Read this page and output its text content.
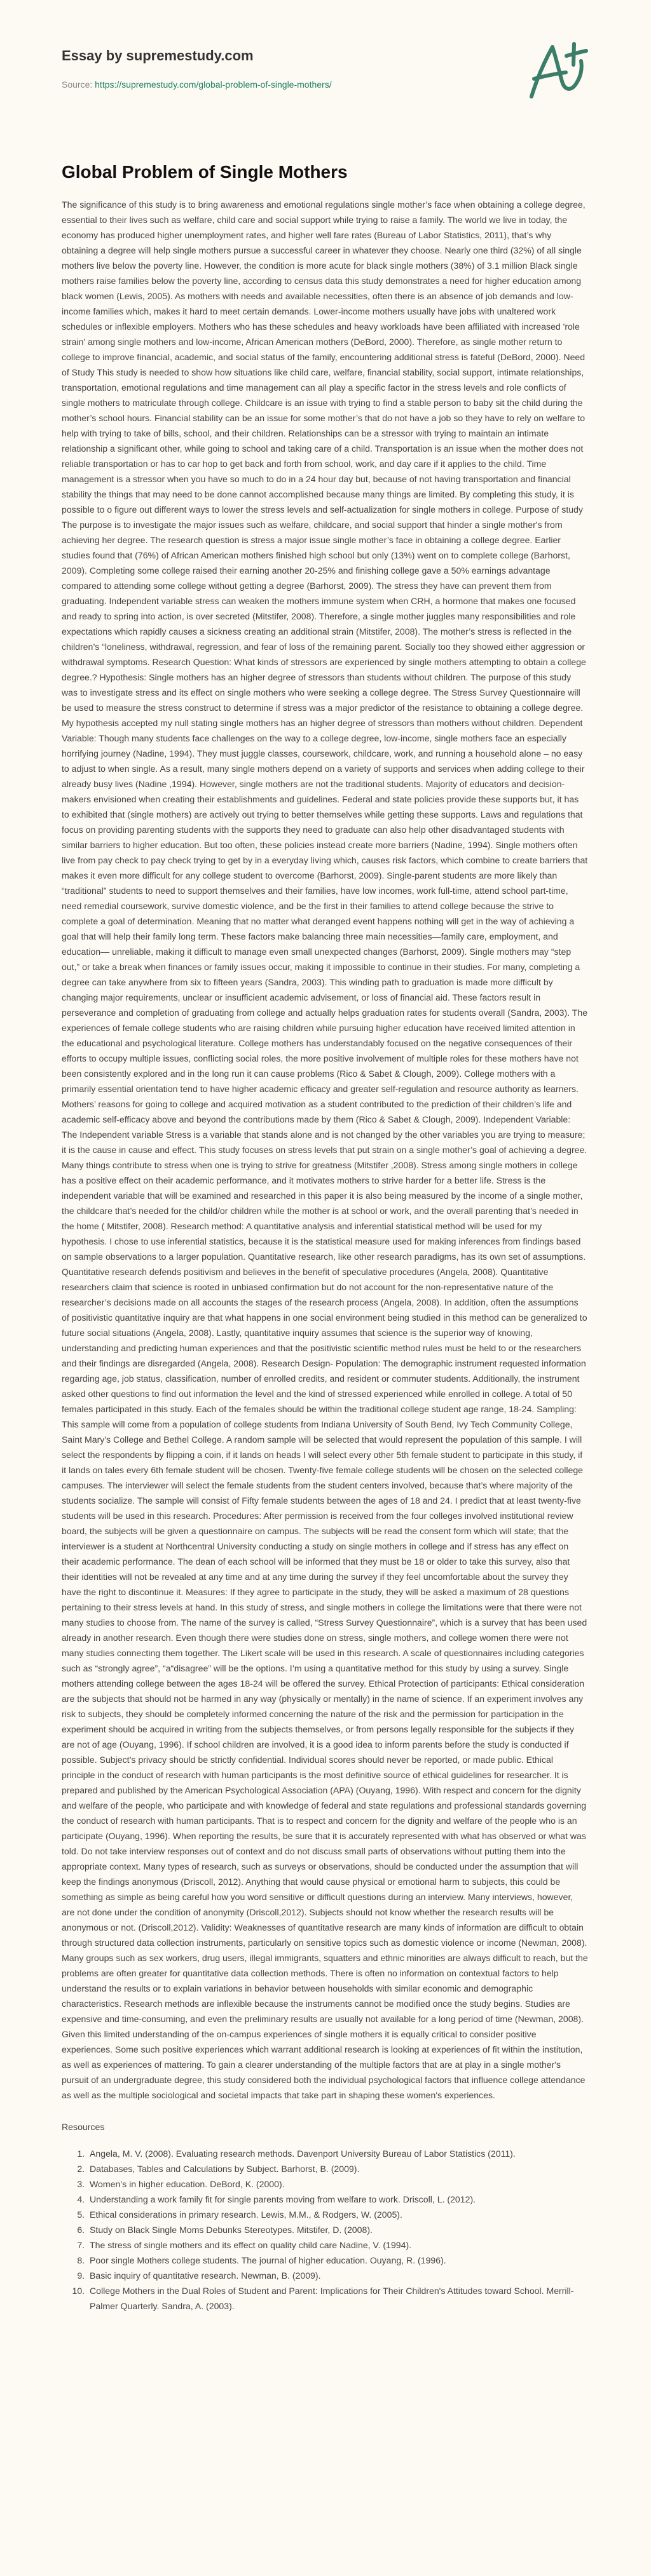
Essay by supremestudy.com
Source: https://supremestudy.com/global-problem-of-single-mothers/
Global Problem of Single Mothers

The significance of this study is to bring awareness and emotional regulations single mother’s face when obtaining a college degree, essential to their lives such as welfare, child care and social support while trying to raise a family. The world we live in today, the economy has produced higher unemployment rates, and higher well fare rates (Bureau of Labor Statistics, 2011), that’s why obtaining a degree will help single mothers pursue a successful career in whatever they choose. Nearly one third (32%) of all single mothers live below the poverty line. However, the condition is more acute for black single mothers (38%) of 3.1 million Black single mothers raise families below the poverty line, according to census data this study demonstrates a need for higher education among black women (Lewis, 2005). As mothers with needs and available necessities, often there is an absence of job demands and low-income families which, makes it hard to meet certain demands. Lower-income mothers usually have jobs with unaltered work schedules or inflexible employers. Mothers who has these schedules and heavy workloads have been affiliated with increased 'role strain' among single mothers and low-income, African American mothers (DeBord, 2000). Therefore, as single mother return to college to improve financial, academic, and social status of the family, encountering additional stress is fateful (DeBord, 2000). Need of Study This study is needed to show how situations like child care, welfare, financial stability, social support, intimate relationships, transportation, emotional regulations and time management can all play a specific factor in the stress levels and role conflicts of single mothers to matriculate through college. Childcare is an issue with trying to find a stable person to baby sit the child during the mother’s school hours. Financial stability can be an issue for some mother’s that do not have a job so they have to rely on welfare to help with trying to take of bills, school, and their children. Relationships can be a stressor with trying to maintain an intimate relationship a significant other, while going to school and taking care of a child. Transportation is an issue when the mother does not reliable transportation or has to car hop to get back and forth from school, work, and day care if it applies to the child. Time management is a stressor when you have so much to do in a 24 hour day but, because of not having transportation and financial stability the things that may need to be done cannot accomplished because many things are limited. By completing this study, it is possible to o figure out different ways to lower the stress levels and self-actualization for single mothers in college. Purpose of study The purpose is to investigate the major issues such as welfare, childcare, and social support that hinder a single mother's from achieving her degree. The research question is stress a major issue single mother’s face in obtaining a college degree. Earlier studies found that (76%) of African American mothers finished high school but only (13%) went on to complete college (Barhorst, 2009). Completing some college raised their earning another 20-25% and finishing college gave a 50% earnings advantage compared to attending some college without getting a degree (Barhorst, 2009). The stress they have can prevent them from graduating. Independent variable stress can weaken the mothers immune system when CRH, a hormone that makes one focused and ready to spring into action, is over secreted (Mitstifer, 2008). Therefore, a single mother juggles many responsibilities and role expectations which rapidly causes a sickness creating an additional strain (Mitstifer, 2008). The mother’s stress is reflected in the children’s “loneliness, withdrawal, regression, and fear of loss of the remaining parent. Socially too they showed either aggression or withdrawal symptoms. Research Question: What kinds of stressors are experienced by single mothers attempting to obtain a college degree.? Hypothesis: Single mothers has an higher degree of stressors than students without children. The purpose of this study was to investigate stress and its effect on single mothers who were seeking a college degree. The Stress Survey Questionnaire will be used to measure the stress construct to determine if stress was a major predictor of the resistance to obtaining a college degree. My hypothesis accepted my null stating single mothers has an higher degree of stressors than mothers without children. Dependent Variable: Though many students face challenges on the way to a college degree, low-income, single mothers face an especially horrifying journey (Nadine, 1994). They must juggle classes, coursework, childcare, work, and running a household alone – no easy to adjust to when single. As a result, many single mothers depend on a variety of supports and services when adding college to their already busy lives (Nadine ,1994). However, single mothers are not the traditional students. Majority of educators and decision-makers envisioned when creating their establishments and guidelines. Federal and state policies provide these supports but, it has to exhibited that (single mothers) are actively out trying to better themselves while getting these supports. Laws and regulations that focus on providing parenting students with the supports they need to graduate can also help other disadvantaged students with similar barriers to higher education. But too often, these policies instead create more barriers (Nadine, 1994). Single mothers often live from pay check to pay check trying to get by in a everyday living which, causes risk factors, which combine to create barriers that makes it even more difficult for any college student to overcome (Barhorst, 2009). Single-parent students are more likely than “traditional” students to need to support themselves and their families, have low incomes, work full-time, attend school part-time, need remedial coursework, survive domestic violence, and be the first in their families to attend college because the strive to complete a goal of determination. Meaning that no matter what deranged event happens nothing will get in the way of achieving a goal that will help their family long term. These factors make balancing three main necessities—family care, employment, and education— unreliable, making it difficult to manage even small unexpected changes (Barhorst, 2009). Single mothers may “step out,” or take a break when finances or family issues occur, making it impossible to continue in their studies. For many, completing a degree can take anywhere from six to fifteen years (Sandra, 2003). This winding path to graduation is made more difficult by changing major requirements, unclear or insufficient academic advisement, or loss of financial aid. These factors result in perseverance and completion of graduating from college and actually helps graduation rates for students overall (Sandra, 2003). The experiences of female college students who are raising children while pursuing higher education have received limited attention in the educational and psychological literature. College mothers has understandably focused on the negative consequences of their efforts to occupy multiple issues, conflicting social roles, the more positive involvement of multiple roles for these mothers have not been consistently explored and in the long run it can cause problems (Rico & Sabet & Clough, 2009). College mothers with a primarily essential orientation tend to have higher academic efficacy and greater self-regulation and resource authority as learners. Mothers’ reasons for going to college and acquired motivation as a student contributed to the prediction of their children’s life and academic self-efficacy above and beyond the contributions made by them (Rico & Sabet & Clough, 2009). Independent Variable: The Independent variable Stress is a variable that stands alone and is not changed by the other variables you are trying to measure; it is the cause in cause and effect. This study focuses on stress levels that put strain on a single mother’s goal of achieving a degree. Many things contribute to stress when one is trying to strive for greatness (Mitstifer ,2008). Stress among single mothers in college has a positive effect on their academic performance, and it motivates mothers to strive harder for a better life. Stress is the independent variable that will be examined and researched in this paper it is also being measured by the income of a single mother, the childcare that’s needed for the child/or children while the mother is at school or work, and the overall parenting that’s needed in the home ( Mitstifer, 2008). Research method: A quantitative analysis and inferential statistical method will be used for my hypothesis. I chose to use inferential statistics, because it is the statistical measure used for making inferences from findings based on sample observations to a larger population. Quantitative research, like other research paradigms, has its own set of assumptions. Quantitative research defends positivism and believes in the benefit of speculative procedures (Angela, 2008). Quantitative researchers claim that science is rooted in unbiased confirmation but do not account for the non-representative nature of the researcher’s decisions made on all accounts the stages of the research process (Angela, 2008). In addition, often the assumptions of positivistic quantitative inquiry are that what happens in one social environment being studied in this method can be generalized to future social situations (Angela, 2008). Lastly, quantitative inquiry assumes that science is the superior way of knowing, understanding and predicting human experiences and that the positivistic scientific method rules must be held to or the researchers and their findings are disregarded (Angela, 2008). Research Design- Population: The demographic instrument requested information regarding age, job status, classification, number of enrolled credits, and resident or commuter students. Additionally, the instrument asked other questions to find out information the level and the kind of stressed experienced while enrolled in college. A total of 50 females participated in this study. Each of the females should be within the traditional college student age range, 18-24. Sampling: This sample will come from a population of college students from Indiana University of South Bend, Ivy Tech Community College, Saint Mary's College and Bethel College. A random sample will be selected that would represent the population of this sample. I will select the respondents by flipping a coin, if it lands on heads I will select every other 5th female student to participate in this study, if it lands on tales every 6th female student will be chosen. Twenty-five female college students will be chosen on the selected college campuses. The interviewer will select the female students from the student centers involved, because that’s where majority of the students socialize. The sample will consist of Fifty female students between the ages of 18 and 24. I predict that at least twenty-five students will be used in this research. Procedures: After permission is received from the four colleges involved institutional review board, the subjects will be given a questionnaire on campus. The subjects will be read the consent form which will state; that the interviewer is a student at Northcentral University conducting a study on single mothers in college and if stress has any effect on their academic performance. The dean of each school will be informed that they must be 18 or older to take this survey, also that their identities will not be revealed at any time and at any time during the survey if they feel uncomfortable about the survey they have the right to discontinue it. Measures: If they agree to participate in the study, they will be asked a maximum of 28 questions pertaining to their stress levels at hand. In this study of stress, and single mothers in college the limitations were that there were not many studies to choose from. The name of the survey is called, “Stress Survey Questionnaire”, which is a survey that has been used already in another research. Even though there were studies done on stress, single mothers, and college women there were not many studies connecting them together. The Likert scale will be used in this research. A scale of questionnaires including categories such as “strongly agree”, “a“disagree” will be the options. I’m using a quantitative method for this study by using a survey. Single mothers attending college between the ages 18-24 will be offered the survey. Ethical Protection of participants: Ethical consideration are the subjects that should not be harmed in any way (physically or mentally) in the name of science. If an experiment involves any risk to subjects, they should be completely informed concerning the nature of the risk and the permission for participation in the experiment should be acquired in writing from the subjects themselves, or from persons legally responsible for the subjects if they are not of age (Ouyang, 1996). If school children are involved, it is a good idea to inform parents before the study is conducted if possible. Subject’s privacy should be strictly confidential. Individual scores should never be reported, or made public. Ethical principle in the conduct of research with human participants is the most definitive source of ethical guidelines for researcher. It is prepared and published by the American Psychological Association (APA) (Ouyang, 1996). With respect and concern for the dignity and welfare of the people, who participate and with knowledge of federal and state regulations and professional standards governing the conduct of research with human participants. That is to respect and concern for the dignity and welfare of the people who is an participate (Ouyang, 1996). When reporting the results, be sure that it is accurately represented with what has observed or what was told. Do not take interview responses out of context and do not discuss small parts of observations without putting them into the appropriate context. Many types of research, such as surveys or observations, should be conducted under the assumption that will keep the findings anonymous (Driscoll, 2012). Anything that would cause physical or emotional harm to subjects, this could be something as simple as being careful how you word sensitive or difficult questions during an interview. Many interviews, however, are not done under the condition of anonymity (Driscoll,2012). Subjects should not know whether the research results will be anonymous or not. (Driscoll,2012). Validity: Weaknesses of quantitative research are many kinds of information are difficult to obtain through structured data collection instruments, particularly on sensitive topics such as domestic violence or income (Newman, 2008). Many groups such as sex workers, drug users, illegal immigrants, squatters and ethnic minorities are always difficult to reach, but the problems are often greater for quantitative data collection methods. There is often no information on contextual factors to help understand the results or to explain variations in behavior between households with similar economic and demographic characteristics. Research methods are inflexible because the instruments cannot be modified once the study begins. Studies are expensive and time-consuming, and even the preliminary results are usually not available for a long period of time (Newman, 2008). Given this limited understanding of the on-campus experiences of single mothers it is equally critical to consider positive experiences. Some such positive experiences which warrant additional research is looking at experiences of fit within the institution, as well as experiences of mattering. To gain a clearer understanding of the multiple factors that are at play in a single mother's pursuit of an undergraduate degree, this study considered both the individual psychological factors that influence college attendance as well as the multiple sociological and societal impacts that take part in shaping these women's experiences.

Resources
1. Angela, M. V. (2008). Evaluating research methods. Davenport University Bureau of Labor Statistics (2011).
2. Databases, Tables and Calculations by Subject. Barhorst, B. (2009).
3. Women’s in higher education. DeBord, K. (2000).
4. Understanding a work family fit for single parents moving from welfare to work. Driscoll, L. (2012).
5. Ethical considerations in primary research. Lewis, M.M., & Rodgers, W. (2005).
6. Study on Black Single Moms Debunks Stereotypes. Mitstifer, D. (2008).
7. The stress of single mothers and its effect on quality child care Nadine, V. (1994).
8. Poor single Mothers college students. The journal of higher education. Ouyang, R. (1996).
9. Basic inquiry of quantitative research. Newman, B. (2009).
10. College Mothers in the Dual Roles of Student and Parent: Implications for Their Children's Attitudes toward School. Merrill-Palmer Quarterly. Sandra, A. (2003).
